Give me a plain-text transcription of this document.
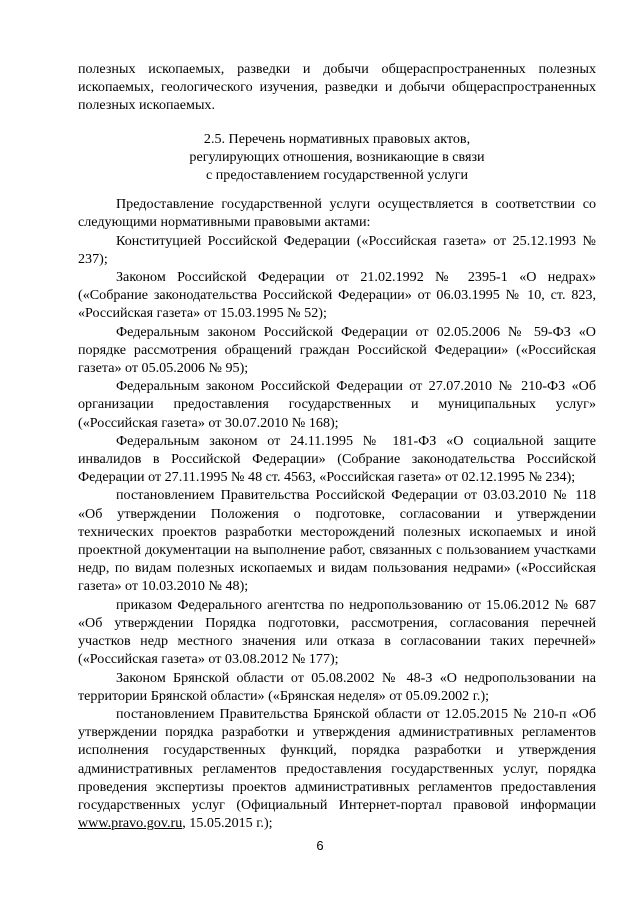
полезных ископаемых, разведки и добычи общераспространенных полезных ископаемых, геологического изучения, разведки и добычи общераспространенных полезных ископаемых.

2.5. Перечень нормативных правовых актов,
регулирующих отношения, возникающие в связи
с предоставлением государственной услуги

Предоставление государственной услуги осуществляется в соответствии со следующими нормативными правовыми актами:

Конституцией Российской Федерации («Российская газета» от 25.12.1993 № 237);

Законом Российской Федерации от 21.02.1992 № 2395-1 «О недрах» («Собрание законодательства Российской Федерации» от 06.03.1995 № 10, ст. 823, «Российская газета» от 15.03.1995 № 52);

Федеральным законом Российской Федерации от 02.05.2006 № 59-ФЗ «О порядке рассмотрения обращений граждан Российской Федерации» («Российская газета» от 05.05.2006 № 95);

Федеральным законом Российской Федерации от 27.07.2010 № 210-ФЗ «Об организации предоставления государственных и муниципальных услуг» («Российская газета» от 30.07.2010 № 168);

Федеральным законом от 24.11.1995 № 181-ФЗ «О социальной защите инвалидов в Российской Федерации» (Собрание законодательства Российской Федерации от 27.11.1995 № 48 ст. 4563, «Российская газета» от 02.12.1995 № 234);

постановлением Правительства Российской Федерации от 03.03.2010 № 118 «Об утверждении Положения о подготовке, согласовании и утверждении технических проектов разработки месторождений полезных ископаемых и иной проектной документации на выполнение работ, связанных с пользованием участками недр, по видам полезных ископаемых и видам пользования недрами» («Российская газета» от 10.03.2010 № 48);

приказом Федерального агентства по недропользованию от 15.06.2012 № 687 «Об утверждении Порядка подготовки, рассмотрения, согласования перечней участков недр местного значения или отказа в согласовании таких перечней» («Российская газета» от 03.08.2012 № 177);

Законом Брянской области от 05.08.2002 № 48-З «О недропользовании на территории Брянской области» («Брянская неделя» от 05.09.2002 г.);

постановлением Правительства Брянской области от 12.05.2015 № 210-п «Об утверждении порядка разработки и утверждения административных регламентов исполнения государственных функций, порядка разработки и утверждения административных регламентов предоставления государственных услуг, порядка проведения экспертизы проектов административных регламентов предоставления государственных услуг (Официальный Интернет-портал правовой информации www.pravo.gov.ru, 15.05.2015 г.);

6
